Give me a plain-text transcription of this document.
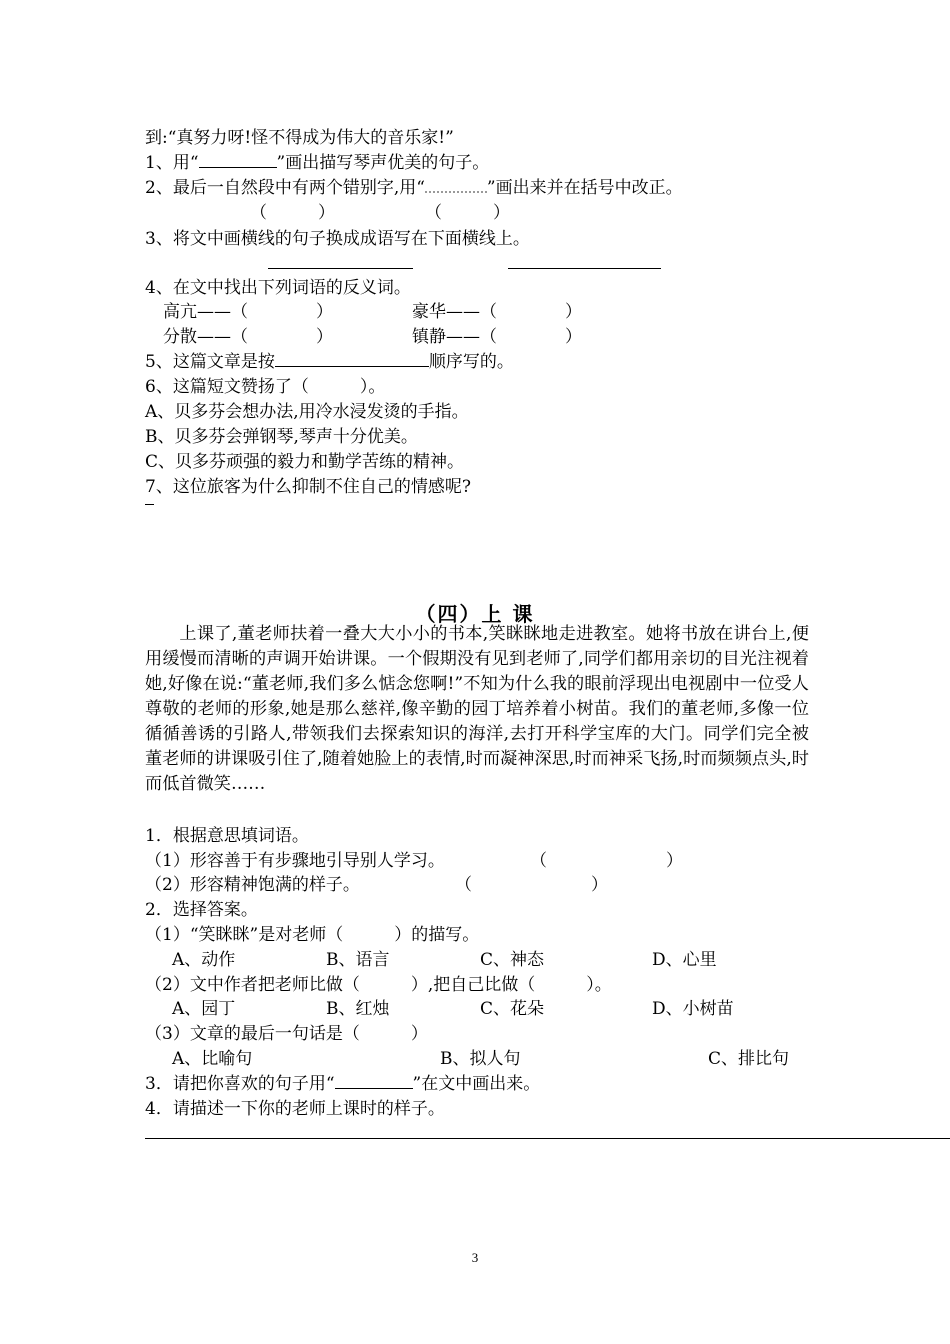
到:“真努力呀!怪不得成为伟大的音乐家!”
1、用“	”画出描写琴声优美的句子。
2、最后一自然段中有两个错别字,用“	”画出来并在括号中改正。
（　　　）	（　　　）
3、将文中画横线的句子换成成语写在下面横线上。
4、在文中找出下列词语的反义词。
高亢——（　　　　）	豪华——（　　　　）
分散——（　　　　）	镇静——（　　　　）
5、这篇文章是按	顺序写的。
6、这篇短文赞扬了（　　　）。
A、贝多芬会想办法,用冷水浸发烫的手指。
B、贝多芬会弹钢琴,琴声十分优美。
C、贝多芬顽强的毅力和勤学苦练的精神。
7、这位旅客为什么抑制不住自己的情感呢?
（四）上 课

上课了,董老师扶着一叠大大小小的书本,笑眯眯地走进教室。她将书放在讲台上,便用缓慢而清晰的声调开始讲课。一个假期没有见到老师了,同学们都用亲切的目光注视着她,好像在说:“董老师,我们多么惦念您啊!”不知为什么我的眼前浮现出电视剧中一位受人尊敬的老师的形象,她是那么慈祥,像辛勤的园丁培养着小树苗。我们的董老师,多像一位循循善诱的引路人,带领我们去探索知识的海洋,去打开科学宝库的大门。同学们完全被董老师的讲课吸引住了,随着她脸上的表情,时而凝神深思,时而神采飞扬,时而频频点头,时而低首微笑……

1．根据意思填词语。
（1）形容善于有步骤地引导别人学习。	（　　　　　　　）
（2）形容精神饱满的样子。	（　　　　　　　）
2．选择答案。
（1）“笑眯眯”是对老师（　　　）的描写。
A、动作	B、语言	C、神态	D、心里
（2）文中作者把老师比做（　　　）,把自己比做（　　　）。
A、园丁	B、红烛	C、花朵	D、小树苗
（3）文章的最后一句话是（　　　）
A、比喻句	B、拟人句	C、排比句
3．请把你喜欢的句子用“	”在文中画出来。
4．请描述一下你的老师上课时的样子。
3
